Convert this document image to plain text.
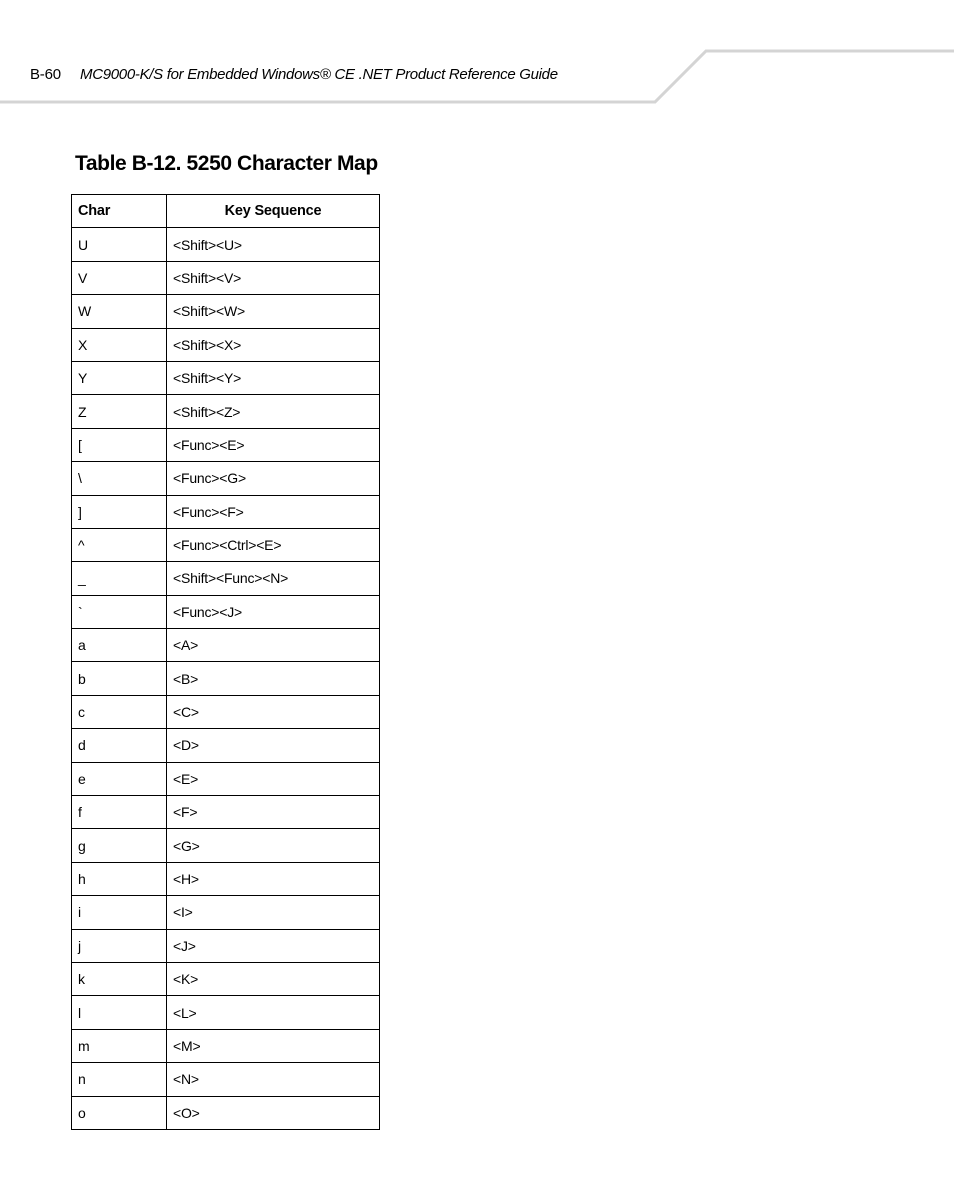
B-60 MC9000-K/S for Embedded Windows® CE .NET Product Reference Guide
Table B-12. 5250 Character Map
Char	Key Sequence
U	<Shift><U>
V	<Shift><V>
W	<Shift><W>
X	<Shift><X>
Y	<Shift><Y>
Z	<Shift><Z>
[	<Func><E>
\	<Func><G>
]	<Func><F>
^	<Func><Ctrl><E>
_	<Shift><Func><N>
`	<Func><J>
a	<A>
b	<B>
c	<C>
d	<D>
e	<E>
f	<F>
g	<G>
h	<H>
i	<I>
j	<J>
k	<K>
l	<L>
m	<M>
n	<N>
o	<O>
